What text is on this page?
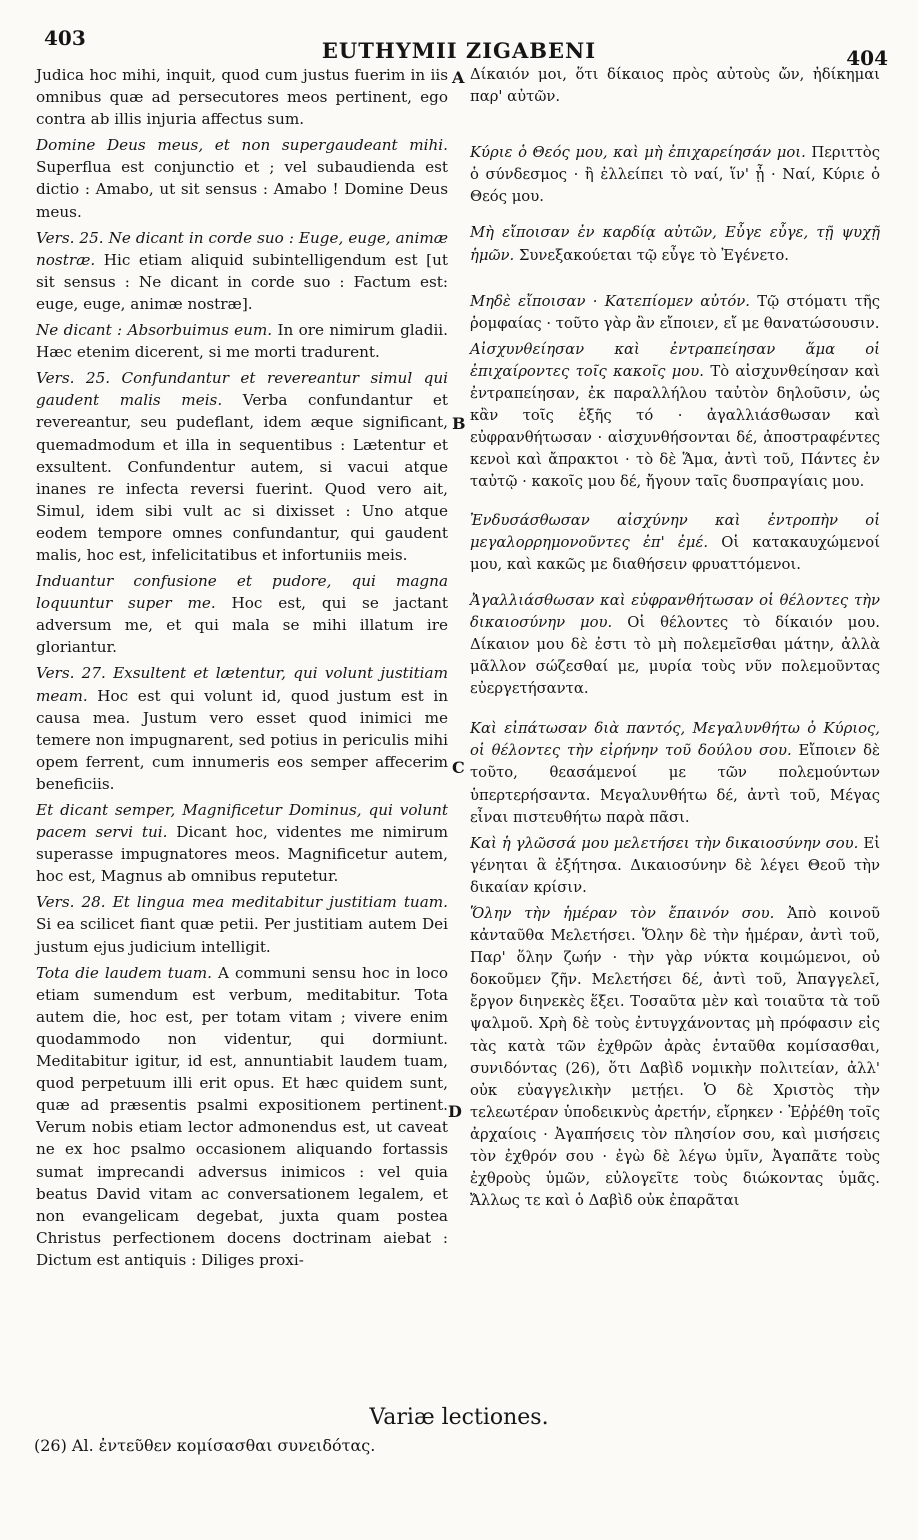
403	EUTHYMII ZIGABENI	404

Judica hoc mihi, inquit, quod cum justus fuerim in iis omnibus quæ ad persecutores meos pertinent, ego contra ab illis injuria affectus sum.

Domine Deus meus, et non supergaudeant mihi. Superflua est conjunctio et ; vel subaudienda est dictio : Amabo, ut sit sensus : Amabo ! Domine Deus meus.

Vers. 25. Ne dicant in corde suo : Euge, euge, animæ nostræ. Hic etiam aliquid subintelligendum est [ut sit sensus : Ne dicant in corde suo : Factum est: euge, euge, animæ nostræ].

Ne dicant : Absorbuimus eum. In ore nimirum gladii. Hæc etenim dicerent, si me morti tradurent.

Vers. 25. Confundantur et revereantur simul qui gaudent malis meis. Verba confundantur et revereantur, seu pudeflant, idem æque significant, quemadmodum et illa in sequentibus : Lætentur et exsultent. Confundentur autem, si vacui atque inanes re infecta reversi fuerint. Quod vero ait, Simul, idem sibi vult ac si dixisset : Uno atque eodem tempore omnes confundantur, qui gaudent malis, hoc est, infelicitatibus et infortuniis meis.

Induantur confusione et pudore, qui magna loquuntur super me. Hoc est, qui se jactant adversum me, et qui mala se mihi illatum ire gloriantur.

Vers. 27. Exsultent et lætentur, qui volunt justitiam meam. Hoc est qui volunt id, quod justum est in causa mea. Justum vero esset quod inimici me temere non impugnarent, sed potius in periculis mihi opem ferrent, cum innumeris eos semper affecerim beneficiis.

Et dicant semper, Magnificetur Dominus, qui volunt pacem servi tui. Dicant hoc, videntes me nimirum superasse impugnatores meos. Magnificetur autem, hoc est, Magnus ab omnibus reputetur.

Vers. 28. Et lingua mea meditabitur justitiam tuam. Si ea scilicet fiant quæ petii. Per justitiam autem Dei justum ejus judicium intelligit.

Tota die laudem tuam. A communi sensu hoc in loco etiam sumendum est verbum, meditabitur. Tota autem die, hoc est, per totam vitam ; vivere enim quodammodo non videntur, qui dormiunt. Meditabitur igitur, id est, annuntiabit laudem tuam, quod perpetuum illi erit opus. Et hæc quidem sunt, quæ ad præsentis psalmi expositionem pertinent. Verum nobis etiam lector admonendus est, ut caveat ne ex hoc psalmo occasionem aliquando fortassis sumat imprecandi adversus inimicos : vel quia beatus David vitam ac conversationem legalem, et non evangelicam degebat, juxta quam postea Christus perfectionem docens doctrinam aiebat : Dictum est antiquis : Diliges proxi-

A
B
C
D

Δίκαιόν μοι, ὅτι δίκαιος πρὸς αὐτοὺς ὤν, ἠδίκημαι παρ' αὐτῶν.

Κύριε ὁ Θεός μου, καὶ μὴ ἐπιχαρείησάν μοι. Περιττὸς ὁ σύνδεσμος · ἢ ἐλλείπει τὸ ναί, ἵν' ᾖ · Ναί, Κύριε ὁ Θεός μου.

Μὴ εἴποισαν ἐν καρδίᾳ αὐτῶν, Εὖγε εὖγε, τῇ ψυχῇ ἡμῶν. Συνεξακούεται τῷ εὖγε τὸ Ἐγένετο.

Μηδὲ εἴποισαν · Κατεπίομεν αὐτόν. Τῷ στόματι τῆς ῥομφαίας · τοῦτο γὰρ ἂν εἴποιεν, εἴ με θανατώσουσιν.

Αἰσχυνθείησαν καὶ ἐντραπείησαν ἅμα οἱ ἐπιχαίροντες τοῖς κακοῖς μου. Τὸ αἰσχυνθείησαν καὶ ἐντραπείησαν, ἐκ παραλλήλου ταὐτὸν δηλοῦσιν, ὡς κἂν τοῖς ἑξῆς τό · ἀγαλλιάσθωσαν καὶ εὐφρανθήτωσαν · αἰσχυνθήσονται δέ, ἀποστραφέντες κενοὶ καὶ ἄπρακτοι · τὸ δὲ Ἅμα, ἀντὶ τοῦ, Πάντες ἐν ταὐτῷ · κακοῖς μου δέ, ἤγουν ταῖς δυσπραγίαις μου.

Ἐνδυσάσθωσαν αἰσχύνην καὶ ἐντροπὴν οἱ μεγαλορρημονοῦντες ἐπ' ἐμέ. Οἱ κατακαυχώμενοί μου, καὶ κακῶς με διαθήσειν φρυαττόμενοι.

Ἀγαλλιάσθωσαν καὶ εὐφρανθήτωσαν οἱ θέλοντες τὴν δικαιοσύνην μου. Οἱ θέλοντες τὸ δίκαιόν μου. Δίκαιον μου δὲ ἐστι τὸ μὴ πολεμεῖσθαι μάτην, ἀλλὰ μᾶλλον σώζεσθαί με, μυρία τοὺς νῦν πολεμοῦντας εὐεργετήσαντα.

Καὶ εἰπάτωσαν διὰ παντός, Μεγαλυνθήτω ὁ Κύριος, οἱ θέλοντες τὴν εἰρήνην τοῦ δούλου σου. Εἴποιεν δὲ τοῦτο, θεασάμενοί με τῶν πολεμούντων ὑπερτερήσαντα. Μεγαλυνθήτω δέ, ἀντὶ τοῦ, Μέγας εἶναι πιστευθήτω παρὰ πᾶσι.

Καὶ ἡ γλῶσσά μου μελετήσει τὴν δικαιοσύνην σου. Εἰ γένηται ἃ ἐξήτησα. Δικαιοσύνην δὲ λέγει Θεοῦ τὴν δικαίαν κρίσιν.

Ὅλην τὴν ἡμέραν τὸν ἔπαινόν σου. Ἀπὸ κοινοῦ κἀνταῦθα Μελετήσει. Ὅλην δὲ τὴν ἡμέραν, ἀντὶ τοῦ, Παρ' ὅλην ζωήν · τὴν γὰρ νύκτα κοιμώμενοι, οὐ δοκοῦμεν ζῆν. Μελετήσει δέ, ἀντὶ τοῦ, Ἀπαγγελεῖ, ἔργον διηνεκὲς ἕξει. Τοσαῦτα μὲν καὶ τοιαῦτα τὰ τοῦ ψαλμοῦ. Χρὴ δὲ τοὺς ἐντυγχάνοντας μὴ πρόφασιν εἰς τὰς κατὰ τῶν ἐχθρῶν ἀρὰς ἐνταῦθα κομίσασθαι, συνιδόντας (26), ὅτι Δαβὶδ νομικὴν πολιτείαν, ἀλλ' οὐκ εὐαγγελικὴν μετῄει. Ὁ δὲ Χριστὸς τὴν τελεωτέραν ὑποδεικνὺς ἀρετήν, εἴρηκεν · Ἐῤῥέθη τοῖς ἀρχαίοις · Ἀγαπήσεις τὸν πλησίον σου, καὶ μισήσεις τὸν ἐχθρόν σου · ἐγὼ δὲ λέγω ὑμῖν, Ἀγαπᾶτε τοὺς ἐχθροὺς ὑμῶν, εὐλογεῖτε τοὺς διώκοντας ὑμᾶς. Ἄλλως τε καὶ ὁ Δαβὶδ οὐκ ἐπαρᾶται

Variæ lectiones.
(26) Al. ἐντεῦθεν κομίσασθαι συνειδότας.
